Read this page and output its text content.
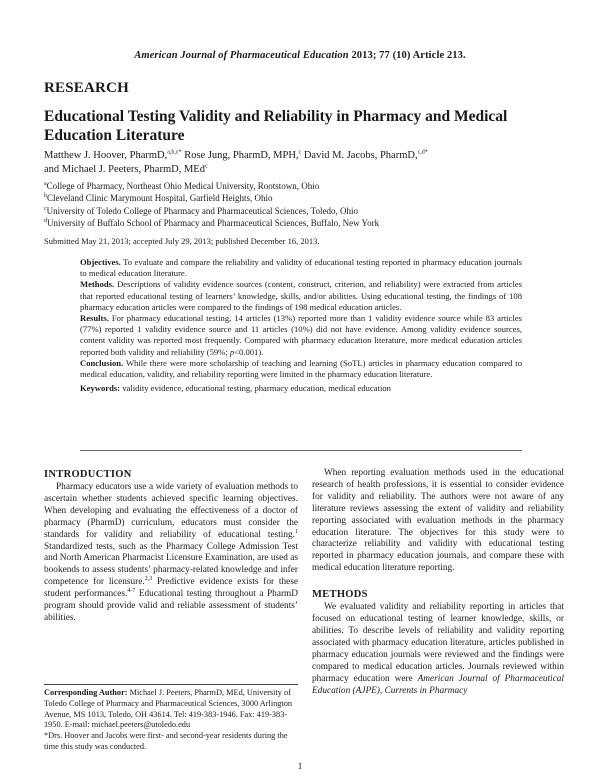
American Journal of Pharmaceutical Education 2013; 77 (10) Article 213.
RESEARCH
Educational Testing Validity and Reliability in Pharmacy and Medical Education Literature
Matthew J. Hoover, PharmD,$^{a,b,c*}$ Rose Jung, PharmD, MPH,$^c$ David M. Jacobs, PharmD,$^{c,d*}$
and Michael J. Peeters, PharmD, MEd$^c$
$^a$College of Pharmacy, Northeast Ohio Medical University, Rootstown, Ohio
$^b$Cleveland Clinic Marymount Hospital, Garfield Heights, Ohio
$^c$University of Toledo College of Pharmacy and Pharmaceutical Sciences, Toledo, Ohio
$^d$University of Buffalo School of Pharmacy and Pharmaceutical Sciences, Buffalo, New York
Submitted May 21, 2013; accepted July 29, 2013; published December 16, 2013.

Objectives. To evaluate and compare the reliability and validity of educational testing reported in pharmacy education journals to medical education literature.

Methods. Descriptions of validity evidence sources (content, construct, criterion, and reliability) were extracted from articles that reported educational testing of learners’ knowledge, skills, and/or abilities. Using educational testing, the findings of 108 pharmacy education articles were compared to the findings of 198 medical education articles.

Results. For pharmacy educational testing, 14 articles (13%) reported more than 1 validity evidence source while 83 articles (77%) reported 1 validity evidence source and 11 articles (10%) did not have evidence. Among validity evidence sources, content validity was reported most frequently. Compared with pharmacy education literature, more medical education articles reported both validity and reliability (59%; p<0.001).

Conclusion. While there were more scholarship of teaching and learning (SoTL) articles in pharmacy education compared to medical education, validity, and reliability reporting were limited in the pharmacy education literature.

Keywords: validity evidence, educational testing, pharmacy education, medical education

INTRODUCTION

Pharmacy educators use a wide variety of evaluation methods to ascertain whether students achieved specific learning objectives. When developing and evaluating the effectiveness of a doctor of pharmacy (PharmD) curriculum, educators must consider the standards for validity and reliability of educational testing.$^1$ Standardized tests, such as the Pharmacy College Admission Test and North American Pharmacist Licensure Examination, are used as bookends to assess students’ pharmacy-related knowledge and infer competence for licensure.$^{2,3}$ Predictive evidence exists for these student performances.$^{4-7}$ Educational testing throughout a PharmD program should provide valid and reliable assessment of students’ abilities.

Corresponding Author: Michael J. Peeters, PharmD, MEd, University of Toledo College of Pharmacy and Pharmaceutical Sciences, 3000 Arlington Avenue, MS 1013, Toledo, OH 43614. Tel: 419-383-1946. Fax: 419-383-1950. E-mail: michael.peeters@utoledo.edu

*Drs. Hoover and Jacobs were first- and second-year residents during the time this study was conducted.

When reporting evaluation methods used in the educational research of health professions, it is essential to consider evidence for validity and reliability. The authors were not aware of any literature reviews assessing the extent of validity and reliability reporting associated with evaluation methods in the pharmacy education literature. The objectives for this study were to characterize reliability and validity with educational testing reported in pharmacy education journals, and compare these with medical education literature reporting.

METHODS

We evaluated validity and reliability reporting in articles that focused on educational testing of learner knowledge, skills, or abilities. To describe levels of reliability and validity reporting associated with pharmacy education literature, articles published in pharmacy education journals were reviewed and the findings were compared to medical education articles. Journals reviewed within pharmacy education were American Journal of Pharmaceutical Education (AJPE), Currents in Pharmacy

1
